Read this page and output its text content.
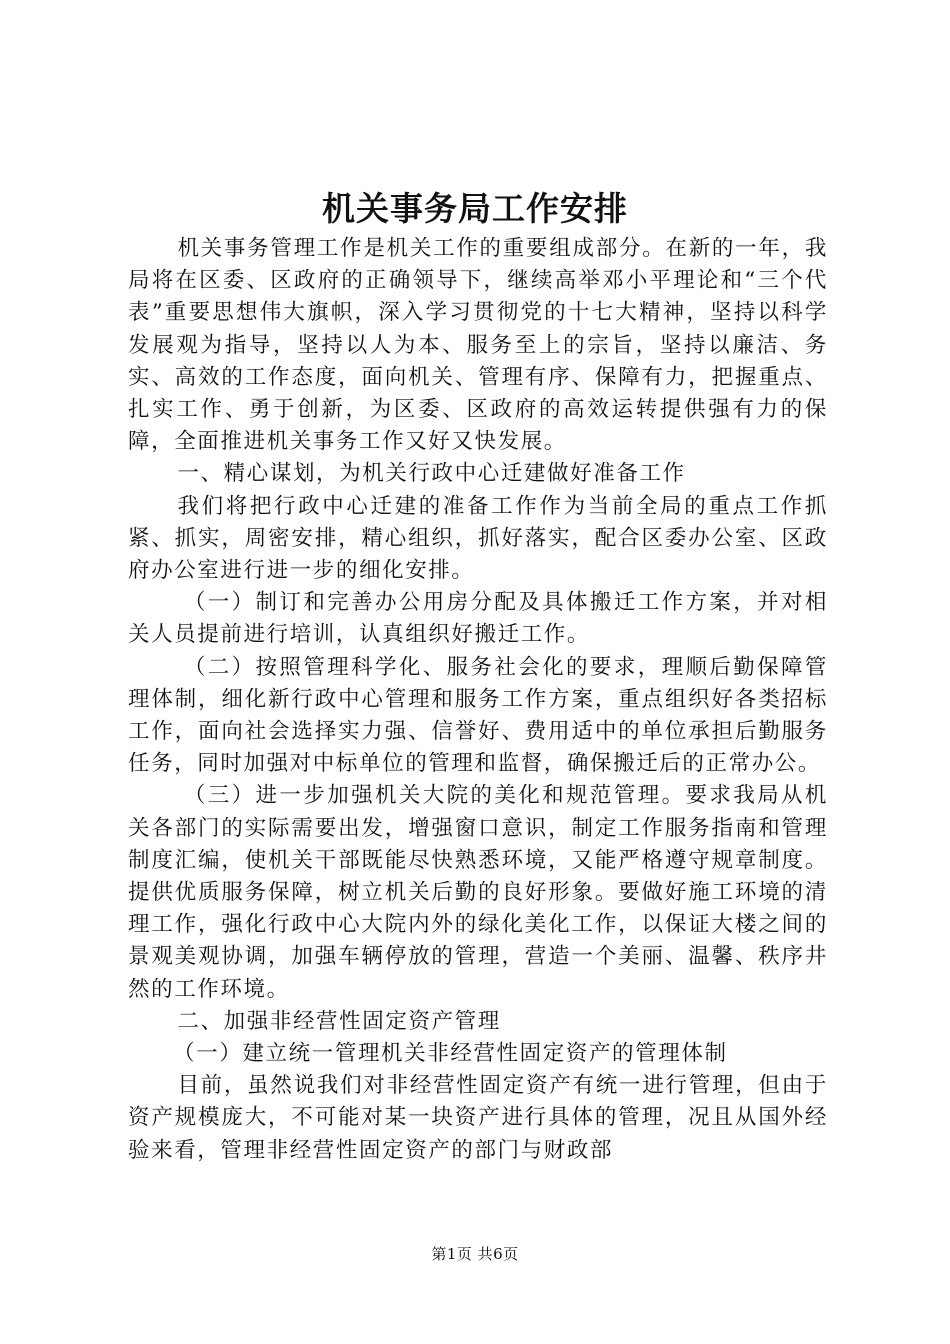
机关事务局工作安排

机关事务管理工作是机关工作的重要组成部分。在新的一年，我局将在区委、区政府的正确领导下，继续高举邓小平理论和“三个代表”重要思想伟大旗帜，深入学习贯彻党的十七大精神，坚持以科学发展观为指导，坚持以人为本、服务至上的宗旨，坚持以廉洁、务实、高效的工作态度，面向机关、管理有序、保障有力，把握重点、扎实工作、勇于创新，为区委、区政府的高效运转提供强有力的保障，全面推进机关事务工作又好又快发展。

一、精心谋划，为机关行政中心迁建做好准备工作

我们将把行政中心迁建的准备工作作为当前全局的重点工作抓紧、抓实，周密安排，精心组织，抓好落实，配合区委办公室、区政府办公室进行进一步的细化安排。

（一）制订和完善办公用房分配及具体搬迁工作方案，并对相关人员提前进行培训，认真组织好搬迁工作。

（二）按照管理科学化、服务社会化的要求，理顺后勤保障管理体制，细化新行政中心管理和服务工作方案，重点组织好各类招标工作，面向社会选择实力强、信誉好、费用适中的单位承担后勤服务任务，同时加强对中标单位的管理和监督，确保搬迁后的正常办公。

（三）进一步加强机关大院的美化和规范管理。要求我局从机关各部门的实际需要出发，增强窗口意识，制定工作服务指南和管理制度汇编，使机关干部既能尽快熟悉环境，又能严格遵守规章制度。提供优质服务保障，树立机关后勤的良好形象。要做好施工环境的清理工作，强化行政中心大院内外的绿化美化工作，以保证大楼之间的景观美观协调，加强车辆停放的管理，营造一个美丽、温馨、秩序井然的工作环境。

二、加强非经营性固定资产管理

（一）建立统一管理机关非经营性固定资产的管理体制

目前，虽然说我们对非经营性固定资产有统一进行管理，但由于资产规模庞大，不可能对某一块资产进行具体的管理，况且从国外经验来看，管理非经营性固定资产的部门与财政部

第1页 共6页
